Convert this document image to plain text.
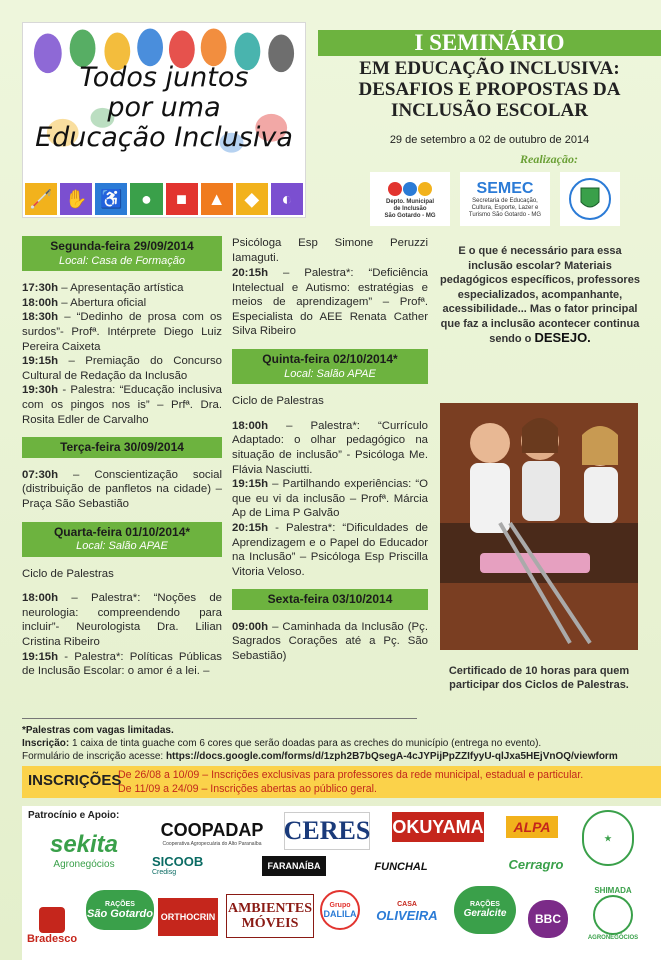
Todos juntos
por uma
Educação Inclusiva
🦯 ✋ ♿	●	■	▲	◆	◐
I SEMINÁRIO
EM EDUCAÇÃO INCLUSIVA:
DESAFIOS E PROPOSTAS DA
INCLUSÃO ESCOLAR
29 de setembro a 02 de outubro de 2014
Realização:
Depto. Municipal
de Inclusão
São Gotardo - MG
SEMEC
Secretaria de Educação, Cultura, Esporte, Lazer e Turismo São Gotardo - MG
Segunda-feira 29/09/2014
Local: Casa de Formação
17:30h – Apresentação artística
18:00h – Abertura oficial
18:30h – “Dedinho de prosa com os surdos”- Profª. Intérprete Diego Luiz Pereira Caixeta
19:15h – Premiação do Concurso Cultural de Redação da Inclusão
19:30h - Palestra: “Educação inclusiva com os pingos nos is” – Prfª. Dra. Rosita Edler de Carvalho
Terça-feira 30/09/2014
07:30h – Conscientização social (distribuição de panfletos na cidade) – Praça São Sebastião
Quarta-feira 01/10/2014*
Local: Salão APAE
Ciclo de Palestras
18:00h – Palestra*: “Noções de neurologia: compreendendo para incluir”- Neurologista Dra. Lilian Cristina Ribeiro
19:15h - Palestra*: Políticas Públicas de Inclusão Escolar: o amor é a lei. –
Psicóloga Esp Simone Peruzzi Iamaguti.
20:15h – Palestra*: “Deficiência Intelectual e Autismo: estratégias e meios de aprendizagem” – Profª. Especialista do AEE Renata Cather Silva Ribeiro
Quinta-feira 02/10/2014*
Local: Salão APAE
Ciclo de Palestras
18:00h – Palestra*: “Currículo Adaptado: o olhar pedagógico na situação de inclusão” - Psicóloga Me. Flávia Nasciutti.
19:15h – Partilhando experiências: “O que eu vi da inclusão – Profª. Márcia Ap de Lima P Galvão
20:15h - Palestra*: “Dificuldades de Aprendizagem e o Papel do Educador na Inclusão” – Psicóloga Esp Priscilla Vitoria Veloso.
Sexta-feira 03/10/2014
09:00h – Caminhada da Inclusão (Pç. Sagrados Corações até a Pç. São Sebastião)
E o que é necessário para essa inclusão escolar? Materiais pedagógicos específicos, professores especializados, acompanhante, acessibilidade... Mas o fator principal que faz a inclusão acontecer continua sendo o DESEJO.
Certificado de 10 horas para quem participar dos Ciclos de Palestras.
*Palestras com vagas limitadas.
Inscrição: 1 caixa de tinta guache com 6 cores que serão doadas para as creches do município (entrega no evento).
Formulário de inscrição acesse: https://docs.google.com/forms/d/1zph2B7bQsegA-4cJYPijPpZZIfyyU-qlJxa5HEjVnOQ/viewform
INSCRIÇÕES
De 26/08 a 10/09 – Inscrições exclusivas para professores da rede municipal, estadual e particular.
De 11/09 a 24/09 – Inscrições abertas ao público geral.
Patrocínio e Apoio:
sekita
Agronegócios
COOPADAP
Cooperativa Agropecuária do Alto Paranaíba CERES OKUYAMA	ALPA
★
SICOOB
Credisg
FARANAÍBA	FUNCHAL	Cerragro
Bradesco
RAÇÕES
São Gotardo ORTHOCRIN
AMBIENTES MÓVEIS
Grupo
DALILA
CASA
OLIVEIRA
RAÇÕES
Geralcite	BBC
SHIMADA
AGRONEGÓCIOS
